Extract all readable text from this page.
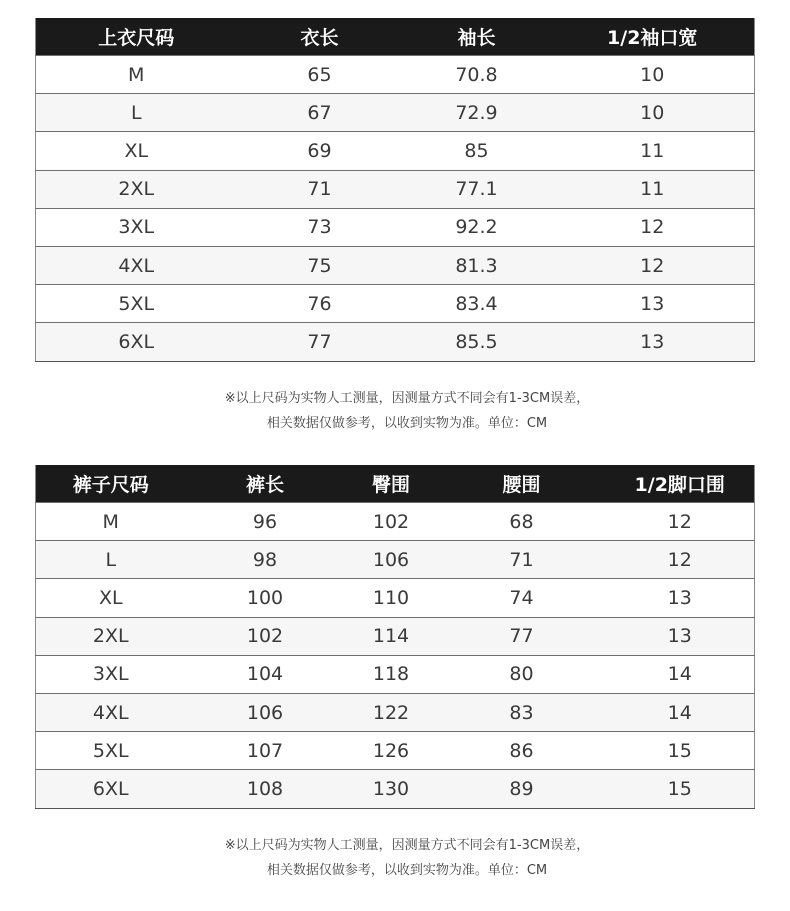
上衣尺码	衣长	袖长	1/2袖口宽
M	65	70.8	10
L	67	72.9	10
XL	69	85	11
2XL	71	77.1	11
3XL	73	92.2	12
4XL	75	81.3	12
5XL	76	83.4	13
6XL	77	85.5	13
※以上尺码为实物人工测量，因测量方式不同会有1-3CM误差，
相关数据仅做参考，以收到实物为准。单位：CM
裤子尺码	裤长	臀围	腰围	1/2脚口围
M	96	102	68	12
L	98	106	71	12
XL	100	110	74	13
2XL	102	114	77	13
3XL	104	118	80	14
4XL	106	122	83	14
5XL	107	126	86	15
6XL	108	130	89	15
※以上尺码为实物人工测量，因测量方式不同会有1-3CM误差，
相关数据仅做参考，以收到实物为准。单位：CM
